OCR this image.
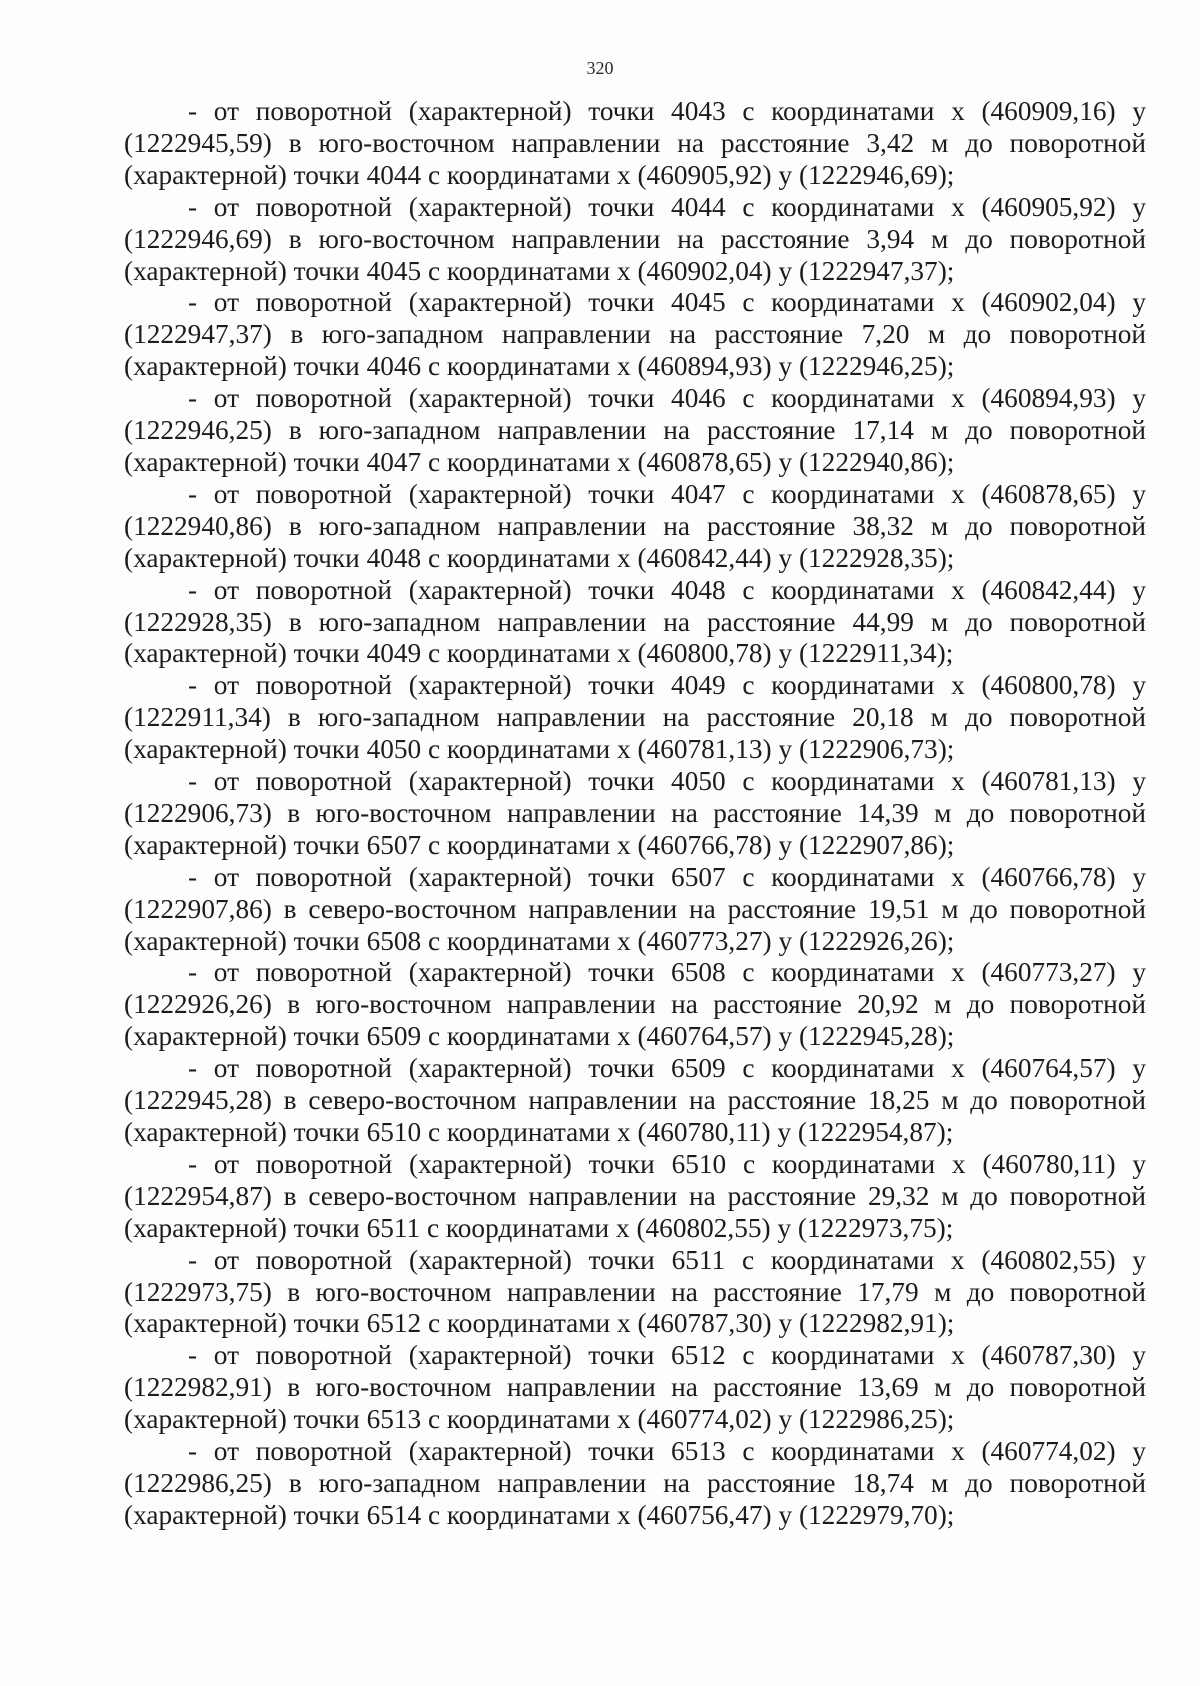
320

- от поворотной (характерной) точки 4043 с координатами х (460909,16) у (1222945,59) в юго-восточном направлении на расстояние 3,42 м до поворотной (характерной) точки 4044 с координатами х (460905,92) у (1222946,69);

- от поворотной (характерной) точки 4044 с координатами х (460905,92) у (1222946,69) в юго-восточном направлении на расстояние 3,94 м до поворотной (характерной) точки 4045 с координатами х (460902,04) у (1222947,37);

- от поворотной (характерной) точки 4045 с координатами х (460902,04) у (1222947,37) в юго-западном направлении на расстояние 7,20 м до поворотной (характерной) точки 4046 с координатами х (460894,93) у (1222946,25);

- от поворотной (характерной) точки 4046 с координатами х (460894,93) у (1222946,25) в юго-западном направлении на расстояние 17,14 м до поворотной (характерной) точки 4047 с координатами х (460878,65) у (1222940,86);

- от поворотной (характерной) точки 4047 с координатами х (460878,65) у (1222940,86) в юго-западном направлении на расстояние 38,32 м до поворотной (характерной) точки 4048 с координатами х (460842,44) у (1222928,35);

- от поворотной (характерной) точки 4048 с координатами х (460842,44) у (1222928,35) в юго-западном направлении на расстояние 44,99 м до поворотной (характерной) точки 4049 с координатами х (460800,78) у (1222911,34);

- от поворотной (характерной) точки 4049 с координатами х (460800,78) у (1222911,34) в юго-западном направлении на расстояние 20,18 м до поворотной (характерной) точки 4050 с координатами х (460781,13) у (1222906,73);

- от поворотной (характерной) точки 4050 с координатами х (460781,13) у (1222906,73) в юго-восточном направлении на расстояние 14,39 м до поворотной (характерной) точки 6507 с координатами х (460766,78) у (1222907,86);

- от поворотной (характерной) точки 6507 с координатами х (460766,78) у (1222907,86) в северо-восточном направлении на расстояние 19,51 м до поворотной (характерной) точки 6508 с координатами х (460773,27) у (1222926,26);

- от поворотной (характерной) точки 6508 с координатами х (460773,27) у (1222926,26) в юго-восточном направлении на расстояние 20,92 м до поворотной (характерной) точки 6509 с координатами х (460764,57) у (1222945,28);

- от поворотной (характерной) точки 6509 с координатами х (460764,57) у (1222945,28) в северо-восточном направлении на расстояние 18,25 м до поворотной (характерной) точки 6510 с координатами х (460780,11) у (1222954,87);

- от поворотной (характерной) точки 6510 с координатами х (460780,11) у (1222954,87) в северо-восточном направлении на расстояние 29,32 м до поворотной (характерной) точки 6511 с координатами х (460802,55) у (1222973,75);

- от поворотной (характерной) точки 6511 с координатами х (460802,55) у (1222973,75) в юго-восточном направлении на расстояние 17,79 м до поворотной (характерной) точки 6512 с координатами х (460787,30) у (1222982,91);

- от поворотной (характерной) точки 6512 с координатами х (460787,30) у (1222982,91) в юго-восточном направлении на расстояние 13,69 м до поворотной (характерной) точки 6513 с координатами х (460774,02) у (1222986,25);

- от поворотной (характерной) точки 6513 с координатами х (460774,02) у (1222986,25) в юго-западном направлении на расстояние 18,74 м до поворотной (характерной) точки 6514 с координатами х (460756,47) у (1222979,70);
